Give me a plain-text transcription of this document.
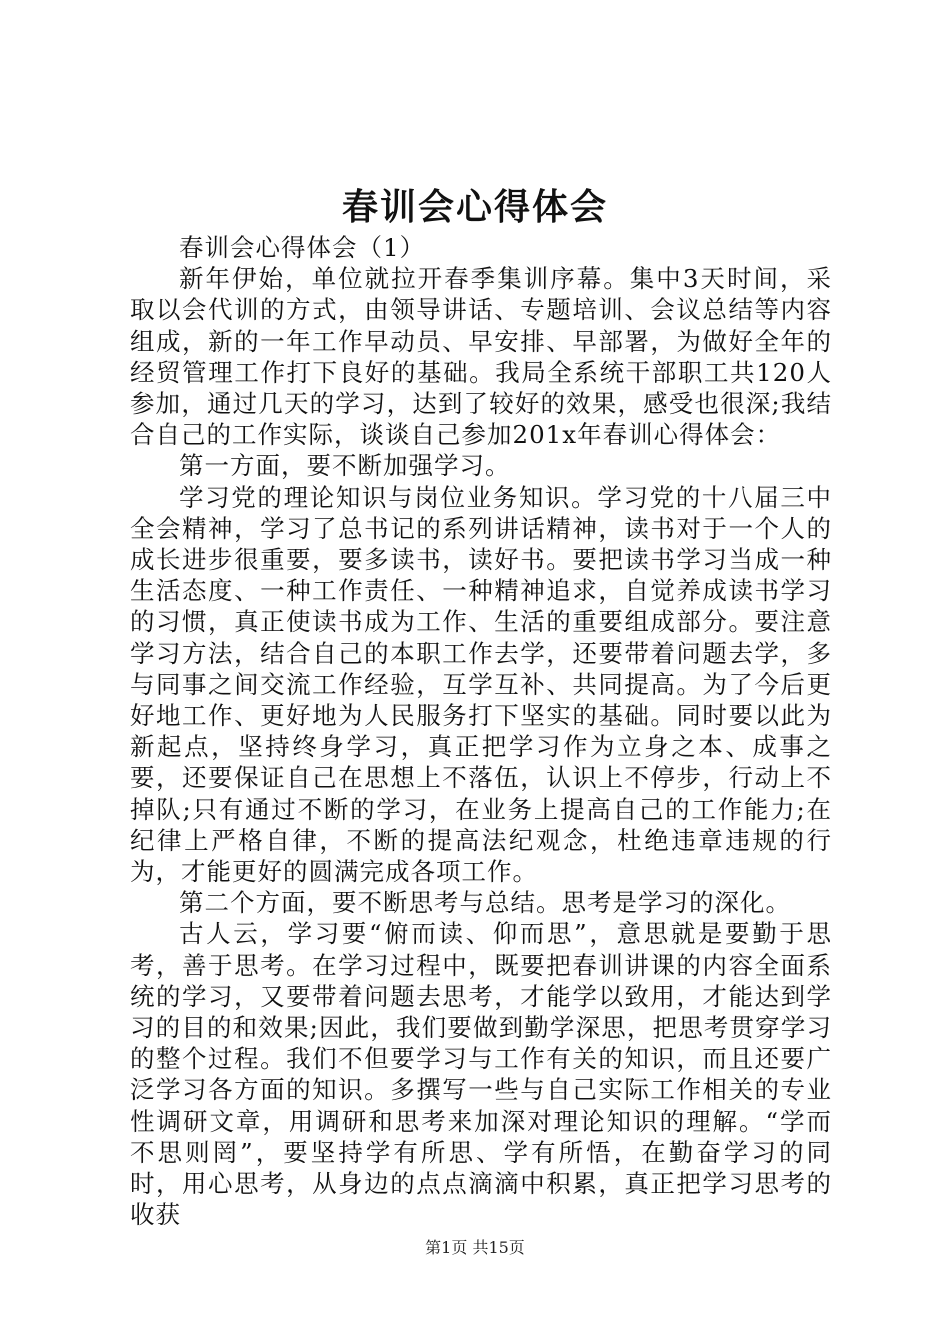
春训会心得体会

春训会心得体会（1）

新年伊始，单位就拉开春季集训序幕。集中3天时间，采取以会代训的方式，由领导讲话、专题培训、会议总结等内容组成，新的一年工作早动员、早安排、早部署，为做好全年的经贸管理工作打下良好的基础。我局全系统干部职工共120人参加，通过几天的学习，达到了较好的效果，感受也很深;我结合自己的工作实际，谈谈自己参加201x年春训心得体会：

第一方面，要不断加强学习。

学习党的理论知识与岗位业务知识。学习党的十八届三中全会精神，学习了总书记的系列讲话精神，读书对于一个人的成长进步很重要，要多读书，读好书。要把读书学习当成一种生活态度、一种工作责任、一种精神追求，自觉养成读书学习的习惯，真正使读书成为工作、生活的重要组成部分。要注意学习方法，结合自己的本职工作去学，还要带着问题去学，多与同事之间交流工作经验，互学互补、共同提高。为了今后更好地工作、更好地为人民服务打下坚实的基础。同时要以此为新起点，坚持终身学习，真正把学习作为立身之本、成事之要，还要保证自己在思想上不落伍，认识上不停步，行动上不掉队;只有通过不断的学习，在业务上提高自己的工作能力;在纪律上严格自律，不断的提高法纪观念，杜绝违章违规的行为，才能更好的圆满完成各项工作。

第二个方面，要不断思考与总结。思考是学习的深化。

古人云，学习要“俯而读、仰而思”，意思就是要勤于思考，善于思考。在学习过程中，既要把春训讲课的内容全面系统的学习，又要带着问题去思考，才能学以致用，才能达到学习的目的和效果;因此，我们要做到勤学深思，把思考贯穿学习的整个过程。我们不但要学习与工作有关的知识，而且还要广泛学习各方面的知识。多撰写一些与自己实际工作相关的专业性调研文章，用调研和思考来加深对理论知识的理解。“学而不思则罔”，要坚持学有所思、学有所悟，在勤奋学习的同时，用心思考，从身边的点点滴滴中积累，真正把学习思考的收获

第1页 共15页
